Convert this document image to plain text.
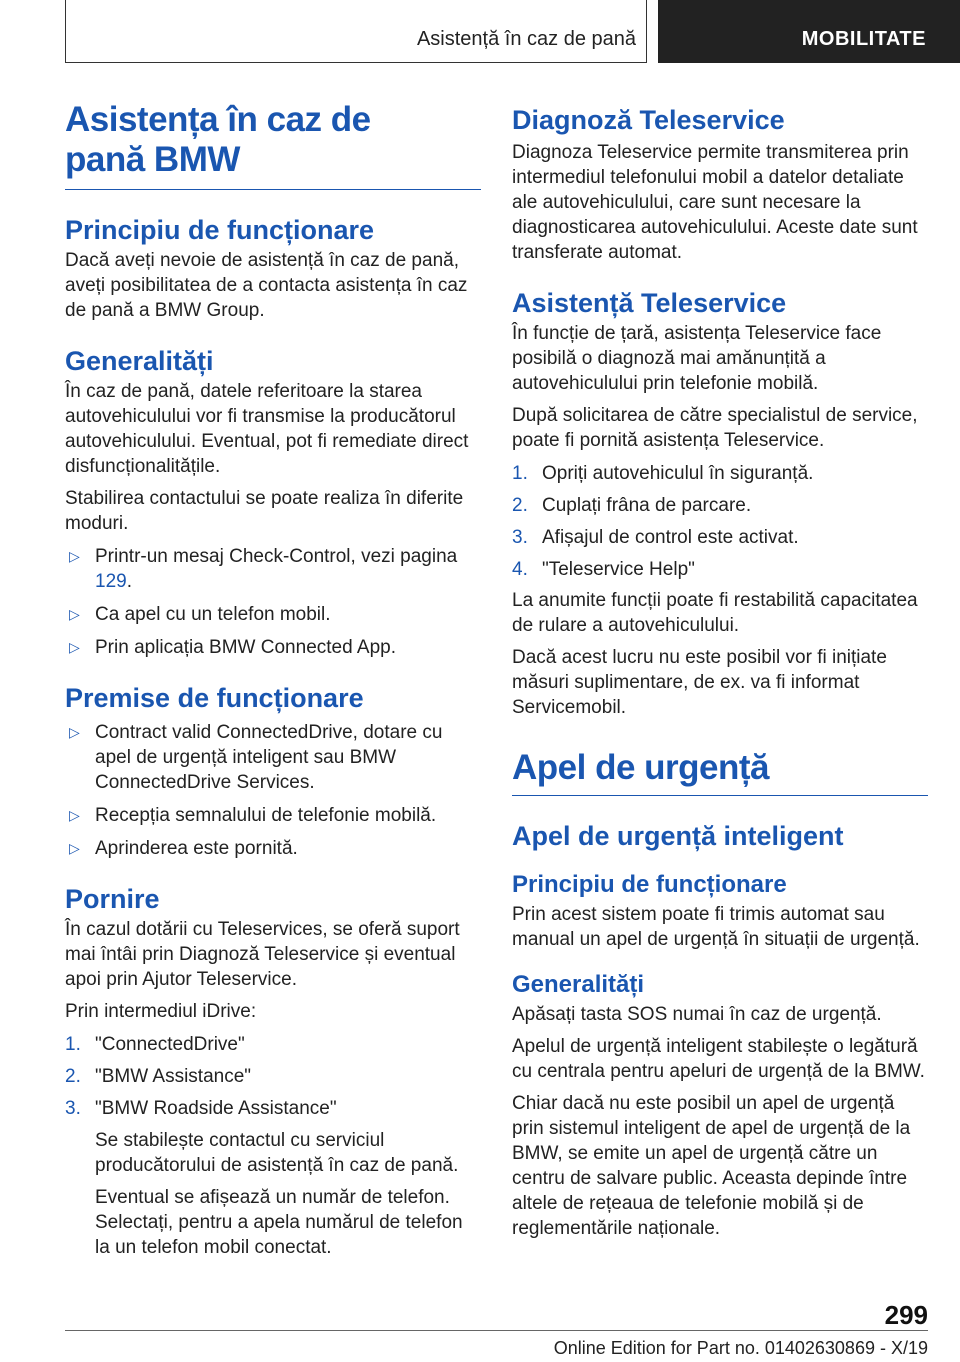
Asistență în caz de pană	MOBILITATE
Asistența în caz de pană BMW
Principiu de funcționare

Dacă aveți nevoie de asistență în caz de pană, aveți posibilitatea de a contacta asistența în caz de pană a BMW Group.

Generalități

În caz de pană, datele referitoare la starea autovehiculului vor fi transmise la producătorul autovehiculului. Eventual, pot fi remediate direct disfuncționalitățile.

Stabilirea contactului se poate realiza în diferite moduri.

▷ Printr-un mesaj Check-Control, vezi pagina 129.
▷ Ca apel cu un telefon mobil.
▷ Prin aplicația BMW Connected App.
Premise de funcționare
▷ Contract valid ConnectedDrive, dotare cu apel de urgență inteligent sau BMW ConnectedDrive Services.
▷ Recepția semnalului de telefonie mobilă.
▷ Aprinderea este pornită.
Pornire

În cazul dotării cu Teleservices, se oferă suport mai întâi prin Diagnoză Teleservice și eventual apoi prin Ajutor Teleservice.

Prin intermediul iDrive:

1. "ConnectedDrive"
2. "BMW Assistance"
3. "BMW Roadside Assistance"

Se stabilește contactul cu serviciul producătorului de asistență în caz de pană.

Eventual se afișează un număr de telefon. Selectați, pentru a apela numărul de telefon la un telefon mobil conectat.

Diagnoză Teleservice

Diagnoza Teleservice permite transmiterea prin intermediul telefonului mobil a datelor detaliate ale autovehiculului, care sunt necesare la diagnosticarea autovehiculului. Aceste date sunt transferate automat.

Asistență Teleservice

În funcție de țară, asistența Teleservice face posibilă o diagnoză mai amănunțită a autovehiculului prin telefonie mobilă.

După solicitarea de către specialistul de service, poate fi pornită asistența Teleservice.

1. Opriți autovehiculul în siguranță.
2. Cuplați frâna de parcare.
3. Afișajul de control este activat.
4. "Teleservice Help"

La anumite funcții poate fi restabilită capacitatea de rulare a autovehiculului.

Dacă acest lucru nu este posibil vor fi inițiate măsuri suplimentare, de ex. va fi informat Servicemobil.

Apel de urgență
Apel de urgență inteligent
Principiu de funcționare

Prin acest sistem poate fi trimis automat sau manual un apel de urgență în situații de urgență.

Generalități

Apăsați tasta SOS numai în caz de urgență.

Apelul de urgență inteligent stabilește o legătură cu centrala pentru apeluri de urgență de la BMW.

Chiar dacă nu este posibil un apel de urgență prin sistemul inteligent de apel de urgență de la BMW, se emite un apel de urgență către un centru de salvare public. Aceasta depinde între altele de rețeaua de telefonie mobilă și de reglementările naționale.

299
Online Edition for Part no. 01402630869 - X/19
